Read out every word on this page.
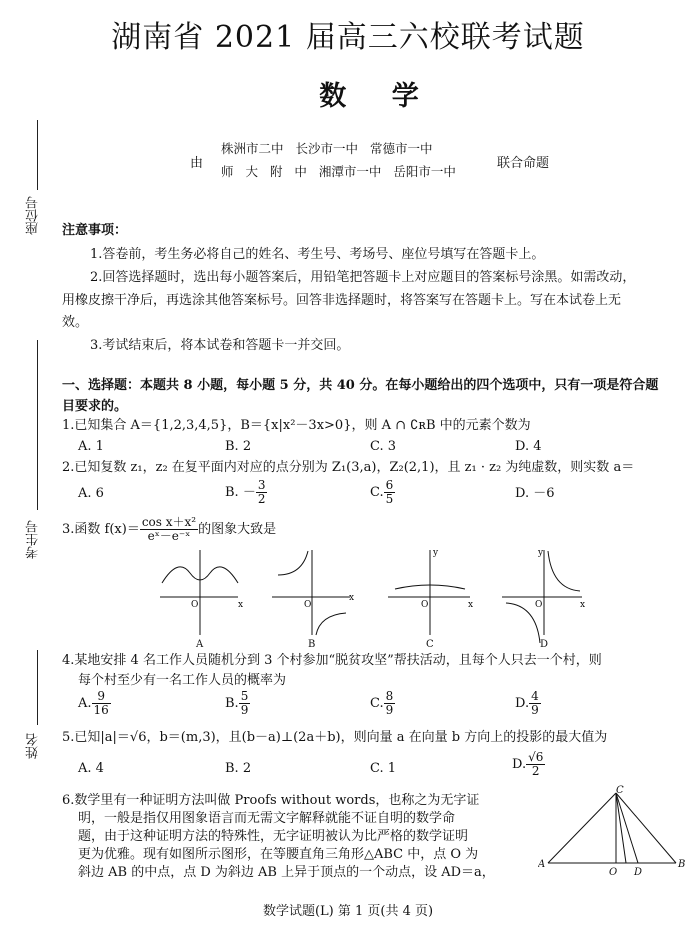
湖南省 2021 届高三六校联考试题
数 学
由
株洲市二中 长沙市一中 常德市一中
师 大 附 中 湘潭市一中 岳阳市一中
联合命题
座位号
考生号
姓名
注意事项：
1.答卷前，考生务必将自己的姓名、考生号、考场号、座位号填写在答题卡上。
2.回答选择题时，选出每小题答案后，用铅笔把答题卡上对应题目的答案标号涂黑。如需改动，
用橡皮擦干净后，再选涂其他答案标号。回答非选择题时，将答案写在答题卡上。写在本试卷上无
效。
3.考试结束后，将本试卷和答题卡一并交回。
一、选择题：本题共 8 小题，每小题 5 分，共 40 分。在每小题给出的四个选项中，只有一项是符合题
目要求的。
1.已知集合 A＝{1,2,3,4,5}，B＝{x|x²－3x>0}，则 A ∩ ∁ʀB 中的元素个数为
A. 1	B. 2	C. 3	D. 4
2.已知复数 z₁，z₂ 在复平面内对应的点分别为 Z₁(3,a)，Z₂(2,1)，且 z₁ · z₂ 为纯虚数，则实数 a＝
A. 6	B. － $\frac{3}{2}$	C. $\frac{6}{5}$	D. －6
3.函数 $f(x)= \frac{\text{cos x＋x²}}{\text{eˣ－e⁻ˣ}}$ 的图象大致是
O	x	O
x
O	x
y
O	x
y
A	B	C	D
4.某地安排 4 名工作人员随机分到 3 个村参加“脱贫攻坚”帮扶活动，且每个人只去一个村，则
每个村至少有一名工作人员的概率为
A. $\frac{9}{16}$	B. $\frac{5}{9}$	C. $\frac{8}{9}$	D. $\frac{4}{9}$
5.已知|a|＝√6，b＝(m,3)，且(b－a)⊥(2a＋b)，则向量 a 在向量 b 方向上的投影的最大值为
A. 4	B. 2	C. 1	D. $\frac{√6}{2}$
6.数学里有一种证明方法叫做 Proofs without words，也称之为无字证
明，一般是指仅用图象语言而无需文字解释就能不证自明的数学命
题，由于这种证明方法的特殊性，无字证明被认为比严格的数学证明
更为优雅。现有如图所示图形，在等腰直角三角形△ABC 中，点 O 为
斜边 AB 的中点，点 D 为斜边 AB 上异于顶点的一个动点，设 AD＝a，
A	B
C
O D
数学试题(L) 第 1 页(共 4 页)
